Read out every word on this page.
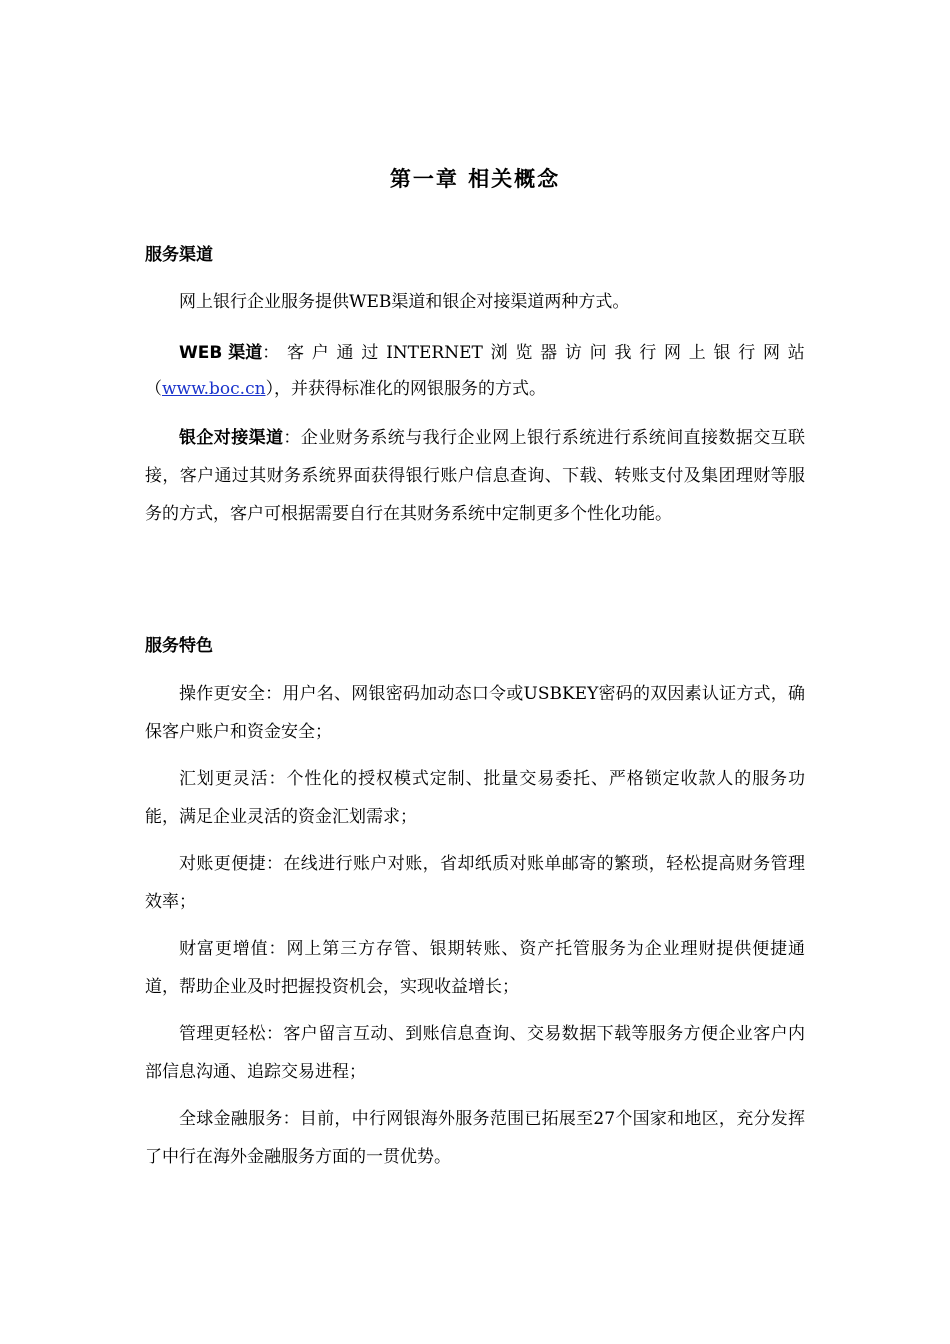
第一章 相关概念
服务渠道
网上银行企业服务提供WEB渠道和银企对接渠道两种方式。
WEB 渠道： 客 户 通 过 INTERNET 浏 览 器 访 问 我 行 网 上 银 行 网 站
（www.boc.cn），并获得标准化的网银服务的方式。
银企对接渠道：企业财务系统与我行企业网上银行系统进行系统间直接数据交互联接，客户通过其财务系统界面获得银行账户信息查询、下载、转账支付及集团理财等服务的方式，客户可根据需要自行在其财务系统中定制更多个性化功能。
服务特色
操作更安全：用户名、网银密码加动态口令或USBKEY密码的双因素认证方式，确保客户账户和资金安全；
汇划更灵活：个性化的授权模式定制、批量交易委托、严格锁定收款人的服务功能，满足企业灵活的资金汇划需求；
对账更便捷：在线进行账户对账，省却纸质对账单邮寄的繁琐，轻松提高财务管理效率；
财富更增值：网上第三方存管、银期转账、资产托管服务为企业理财提供便捷通道，帮助企业及时把握投资机会，实现收益增长；
管理更轻松：客户留言互动、到账信息查询、交易数据下载等服务方便企业客户内部信息沟通、追踪交易进程；
全球金融服务：目前，中行网银海外服务范围已拓展至27个国家和地区，充分发挥了中行在海外金融服务方面的一贯优势。
